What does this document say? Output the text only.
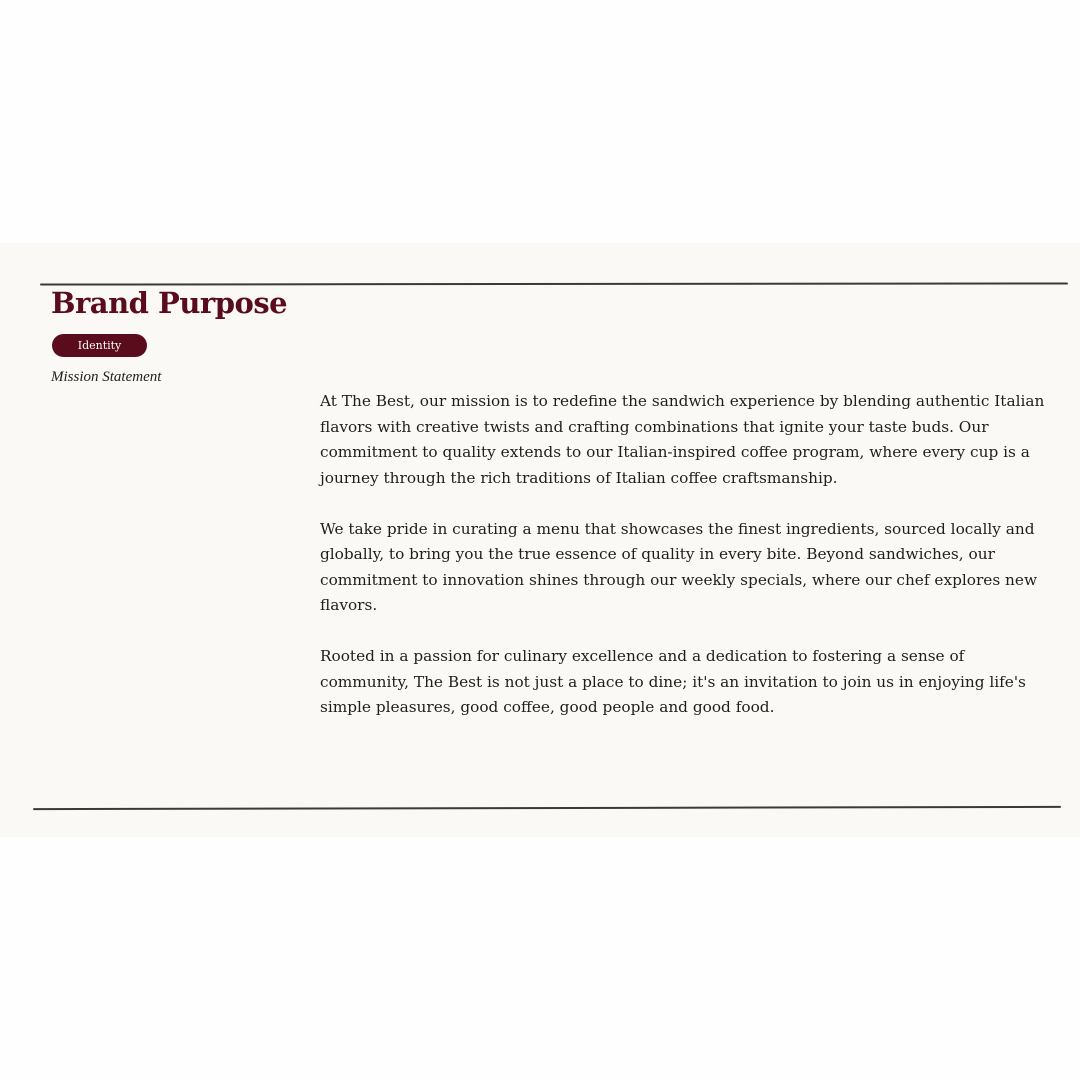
Brand Purpose
Identity
Mission Statement

At The Best, our mission is to redefine the sandwich experience by blending authentic Italian flavors with creative twists and crafting combinations that ignite your taste buds. Our commitment to quality extends to our Italian-inspired coffee program, where every cup is a journey through the rich traditions of Italian coffee craftsmanship.

We take pride in curating a menu that showcases the finest ingredients, sourced locally and globally, to bring you the true essence of quality in every bite. Beyond sandwiches, our commitment to innovation shines through our weekly specials, where our chef explores new flavors.

Rooted in a passion for culinary excellence and a dedication to fostering a sense of community, The Best is not just a place to dine; it's an invitation to join us in enjoying life's simple pleasures, good coffee, good people and good food.
